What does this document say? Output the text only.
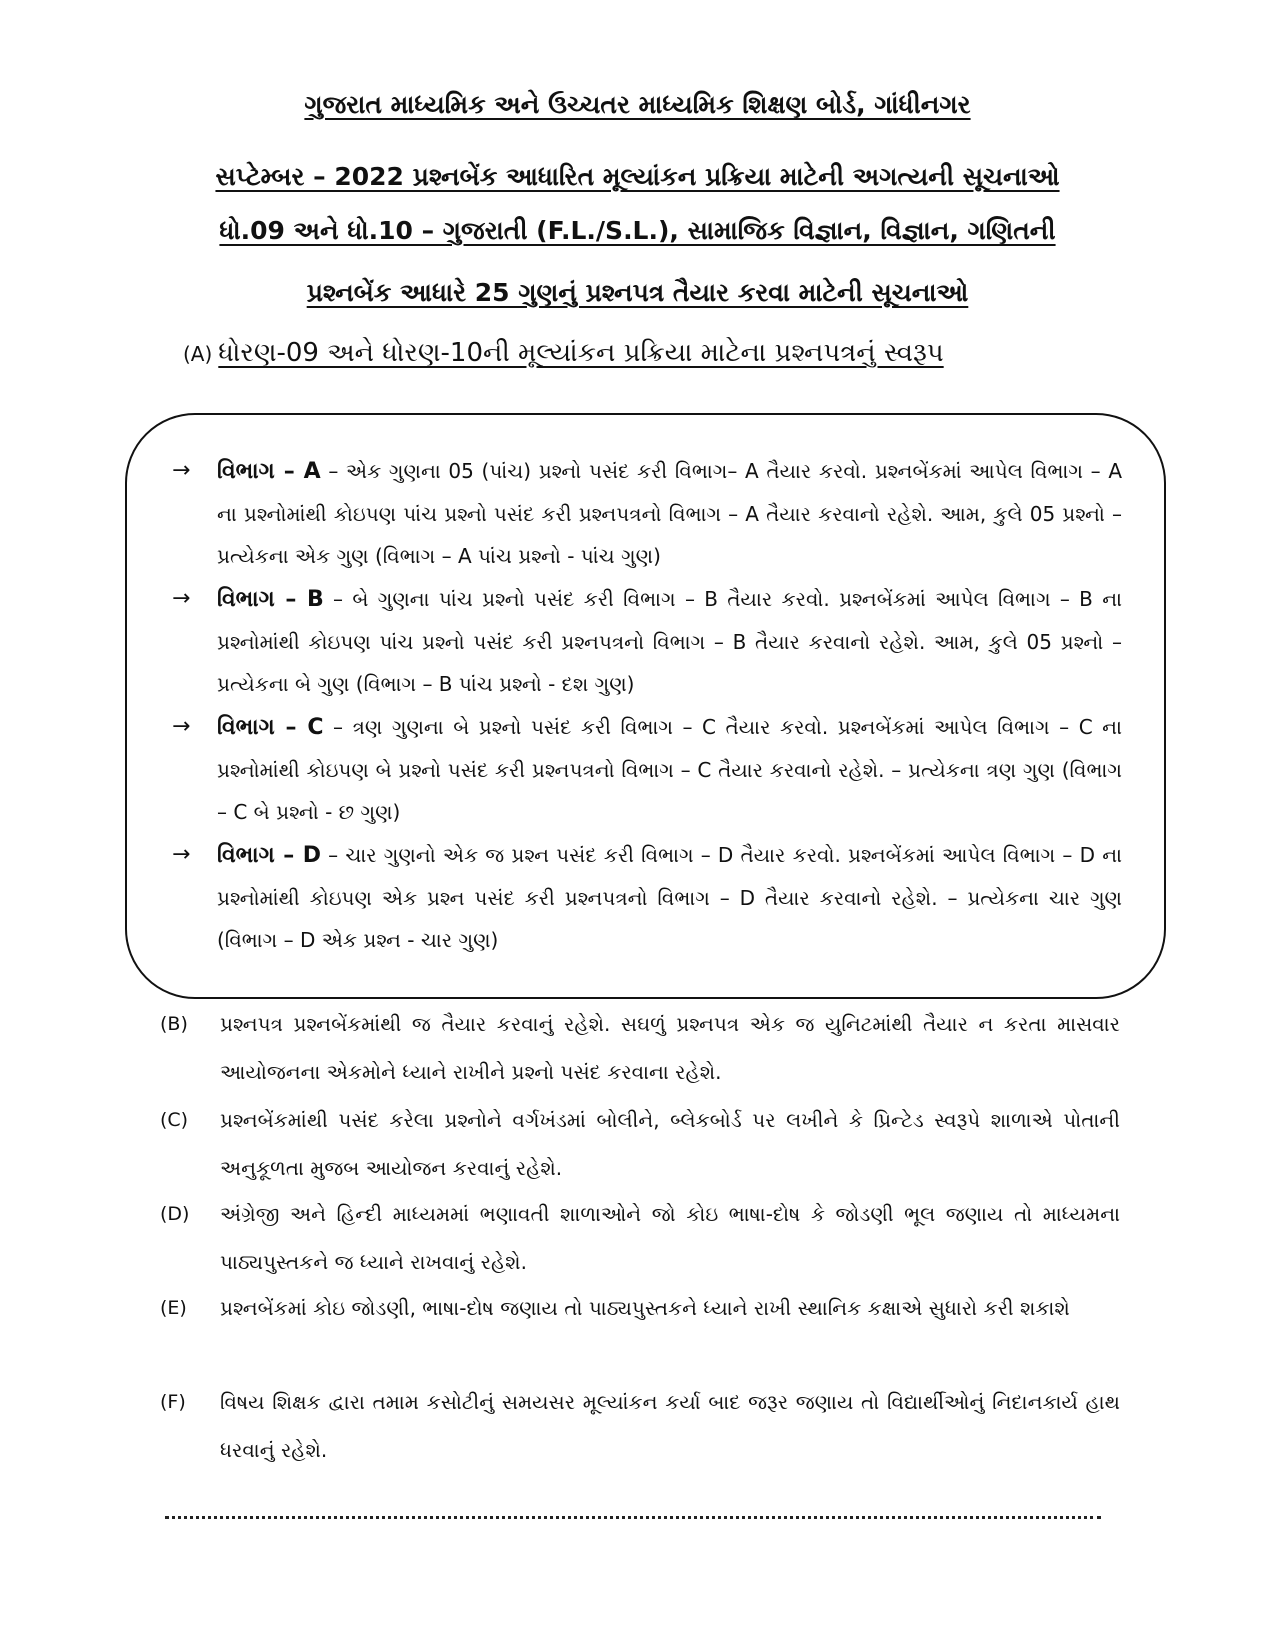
ગુજરાત માધ્યમિક અને ઉચ્ચતર માધ્યમિક શિક્ષણ બોર્ડ, ગાંધીનગર
સપ્ટેમ્બર – 2022 પ્રશ્નબેંક આધારિત મૂલ્યાંકન પ્રક્રિયા માટેની અગત્યની સૂચનાઓ
ધો.09 અને ધો.10 – ગુજરાતી (F.L./S.L.), સામાજિક વિજ્ઞાન, વિજ્ઞાન, ગણિતની
પ્રશ્નબેંક આધારે 25 ગુણનું પ્રશ્નપત્ર તૈયાર કરવા માટેની સૂચનાઓ
(A) ધોરણ-09 અને ધોરણ-10ની મૂલ્યાંકન પ્રક્રિયા માટેના પ્રશ્નપત્રનું સ્વરૂપ
→ વિભાગ – A – એક ગુણના 05 (પાંચ) પ્રશ્નો પસંદ કરી વિભાગ– A તૈયાર કરવો. પ્રશ્નબેંકમાં આપેલ વિભાગ – A ના પ્રશ્નોમાંથી કોઇપણ પાંચ પ્રશ્નો પસંદ કરી પ્રશ્નપત્રનો વિભાગ – A તૈયાર કરવાનો રહેશે. આમ, કુલે 05 પ્રશ્નો – પ્રત્યેકના એક ગુણ (વિભાગ – A પાંચ પ્રશ્નો - પાંચ ગુણ)
→ વિભાગ – B – બે ગુણના પાંચ પ્રશ્નો પસંદ કરી વિભાગ – B તૈયાર કરવો. પ્રશ્નબેંકમાં આપેલ વિભાગ – B ના પ્રશ્નોમાંથી કોઇપણ પાંચ પ્રશ્નો પસંદ કરી પ્રશ્નપત્રનો વિભાગ – B તૈયાર કરવાનો રહેશે. આમ, કુલે 05 પ્રશ્નો – પ્રત્યેકના બે ગુણ (વિભાગ – B પાંચ પ્રશ્નો - દશ ગુણ)
→ વિભાગ – C – ત્રણ ગુણના બે પ્રશ્નો પસંદ કરી વિભાગ – C તૈયાર કરવો. પ્રશ્નબેંકમાં આપેલ વિભાગ – C ના પ્રશ્નોમાંથી કોઇપણ બે પ્રશ્નો પસંદ કરી પ્રશ્નપત્રનો વિભાગ – C તૈયાર કરવાનો રહેશે. – પ્રત્યેકના ત્રણ ગુણ (વિભાગ – C બે પ્રશ્નો - છ ગુણ)
→ વિભાગ – D – ચાર ગુણનો એક જ પ્રશ્ન પસંદ કરી વિભાગ – D તૈયાર કરવો. પ્રશ્નબેંકમાં આપેલ વિભાગ – D ના પ્રશ્નોમાંથી કોઇપણ એક પ્રશ્ન પસંદ કરી પ્રશ્નપત્રનો વિભાગ – D તૈયાર કરવાનો રહેશે. – પ્રત્યેકના ચાર ગુણ (વિભાગ – D એક પ્રશ્ન - ચાર ગુણ)
(B) પ્રશ્નપત્ર પ્રશ્નબેંકમાંથી જ તૈયાર કરવાનું રહેશે. સઘળું પ્રશ્નપત્ર એક જ યુનિટમાંથી તૈયાર ન કરતા માસવાર આયોજનના એકમોને ધ્યાને રાખીને પ્રશ્નો પસંદ કરવાના રહેશે.
(C) પ્રશ્નબેંકમાંથી પસંદ કરેલા પ્રશ્નોને વર્ગખંડમાં બોલીને, બ્લેકબોર્ડ પર લખીને કે પ્રિન્ટેડ સ્વરૂપે શાળાએ પોતાની અનુકૂળતા મુજબ આયોજન કરવાનું રહેશે.
(D) અંગ્રેજી અને હિન્દી માધ્યમમાં ભણાવતી શાળાઓને જો કોઇ ભાષા-દોષ કે જોડણી ભૂલ જણાય તો માધ્યમના પાઠ્યપુસ્તકને જ ધ્યાને રાખવાનું રહેશે.
(E) પ્રશ્નબેંકમાં કોઇ જોડણી, ભાષા-દોષ જણાય તો પાઠ્યપુસ્તકને ધ્યાને રાખી સ્થાનિક કક્ષાએ સુધારો કરી શકાશે
(F) વિષય શિક્ષક દ્વારા તમામ કસોટીનું સમયસર મૂલ્યાંકન કર્યા બાદ જરૂર જણાય તો વિદ્યાર્થીઓનું નિદાનકાર્ય હાથ ધરવાનું રહેશે.
